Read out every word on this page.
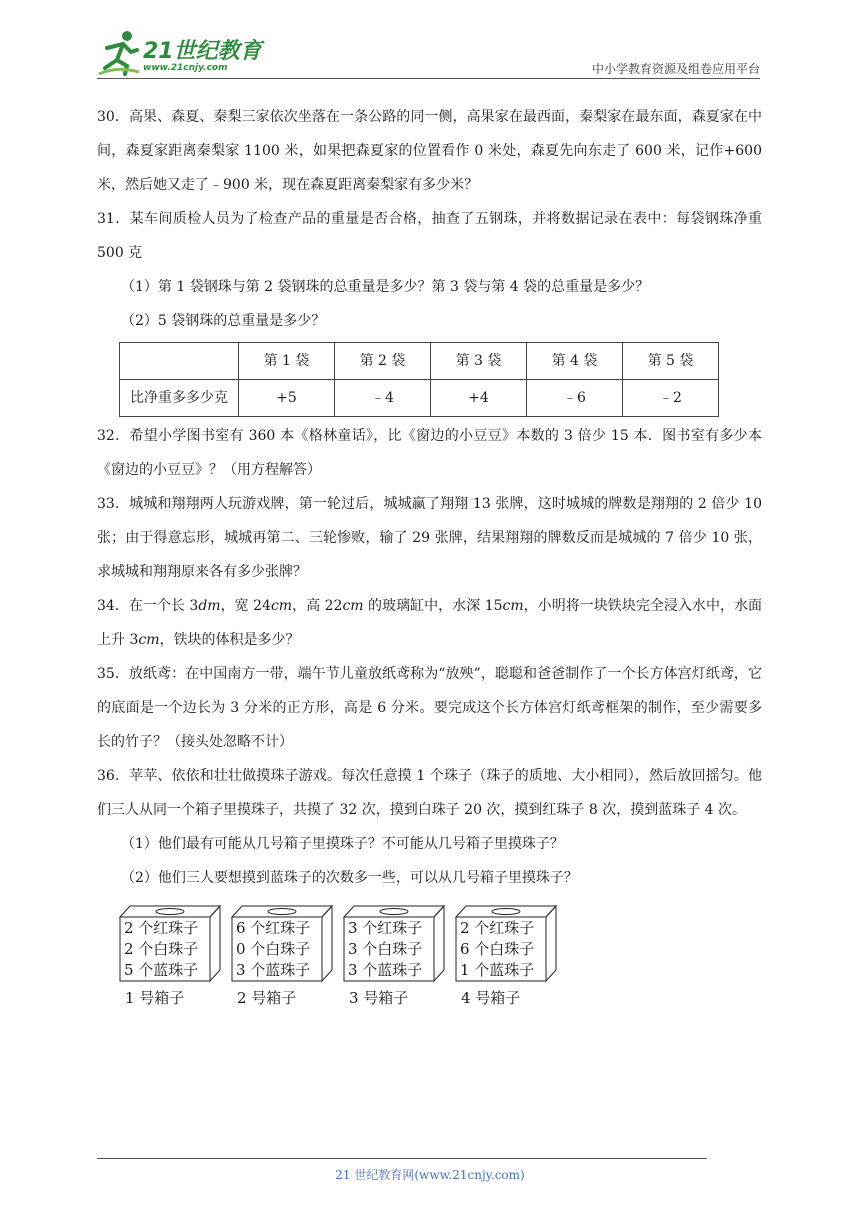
21世纪教育
www.21cnjy.com	中小学教育资源及组卷应用平台

30．高果、森夏、秦梨三家依次坐落在一条公路的同一侧，高果家在最西面，秦梨家在最东面，森夏家在中间，森夏家距离秦梨家 1100 米，如果把森夏家的位置看作 0 米处，森夏先向东走了 600 米，记作+600 米，然后她又走了﹣900 米，现在森夏距离秦梨家有多少米？

31．某车间质检人员为了检查产品的重量是否合格，抽查了五钢珠，并将数据记录在表中：每袋钢珠净重 500 克

（1）第 1 袋钢珠与第 2 袋钢珠的总重量是多少？第 3 袋与第 4 袋的总重量是多少？

（2）5 袋钢珠的总重量是多少？

	第 1 袋	第 2 袋	第 3 袋	第 4 袋	第 5 袋
比净重多多少克	+5	﹣4	+4	﹣6	﹣2

32．希望小学图书室有 360 本《格林童话》，比《窗边的小豆豆》本数的 3 倍少 15 本．图书室有多少本《窗边的小豆豆》？（用方程解答）

33．城城和翔翔两人玩游戏牌，第一轮过后，城城赢了翔翔 13 张牌，这时城城的牌数是翔翔的 2 倍少 10 张；由于得意忘形，城城再第二、三轮惨败，输了 29 张牌，结果翔翔的牌数反而是城城的 7 倍少 10 张，求城城和翔翔原来各有多少张牌？

34．在一个长 3dm，宽 24cm，高 22cm 的玻璃缸中，水深 15cm，小明将一块铁块完全浸入水中，水面上升 3cm，铁块的体积是多少？

35．放纸鸢：在中国南方一带，端午节儿童放纸鸢称为“放殃”，聪聪和爸爸制作了一个长方体宫灯纸鸢，它的底面是一个边长为 3 分米的正方形，高是 6 分米。要完成这个长方体宫灯纸鸢框架的制作，至少需要多长的竹子？（接头处忽略不计）

36．苹苹、依依和壮壮做摸珠子游戏。每次任意摸 1 个珠子（珠子的质地、大小相同），然后放回摇匀。他们三人从同一个箱子里摸珠子，共摸了 32 次，摸到白珠子 20 次，摸到红珠子 8 次，摸到蓝珠子 4 次。

（1）他们最有可能从几号箱子里摸珠子？不可能从几号箱子里摸珠子？

（2）他们三人要想摸到蓝珠子的次数多一些，可以从几号箱子里摸珠子？

2 个红珠子
2 个白珠子
5 个蓝珠子
1 号箱子
6 个红珠子
0 个白珠子
3 个蓝珠子
2 号箱子
3 个红珠子
3 个白珠子
3 个蓝珠子
3 号箱子
2 个红珠子
6 个白珠子
1 个蓝珠子
4 号箱子
21 世纪教育网(www.21cnjy.com)
